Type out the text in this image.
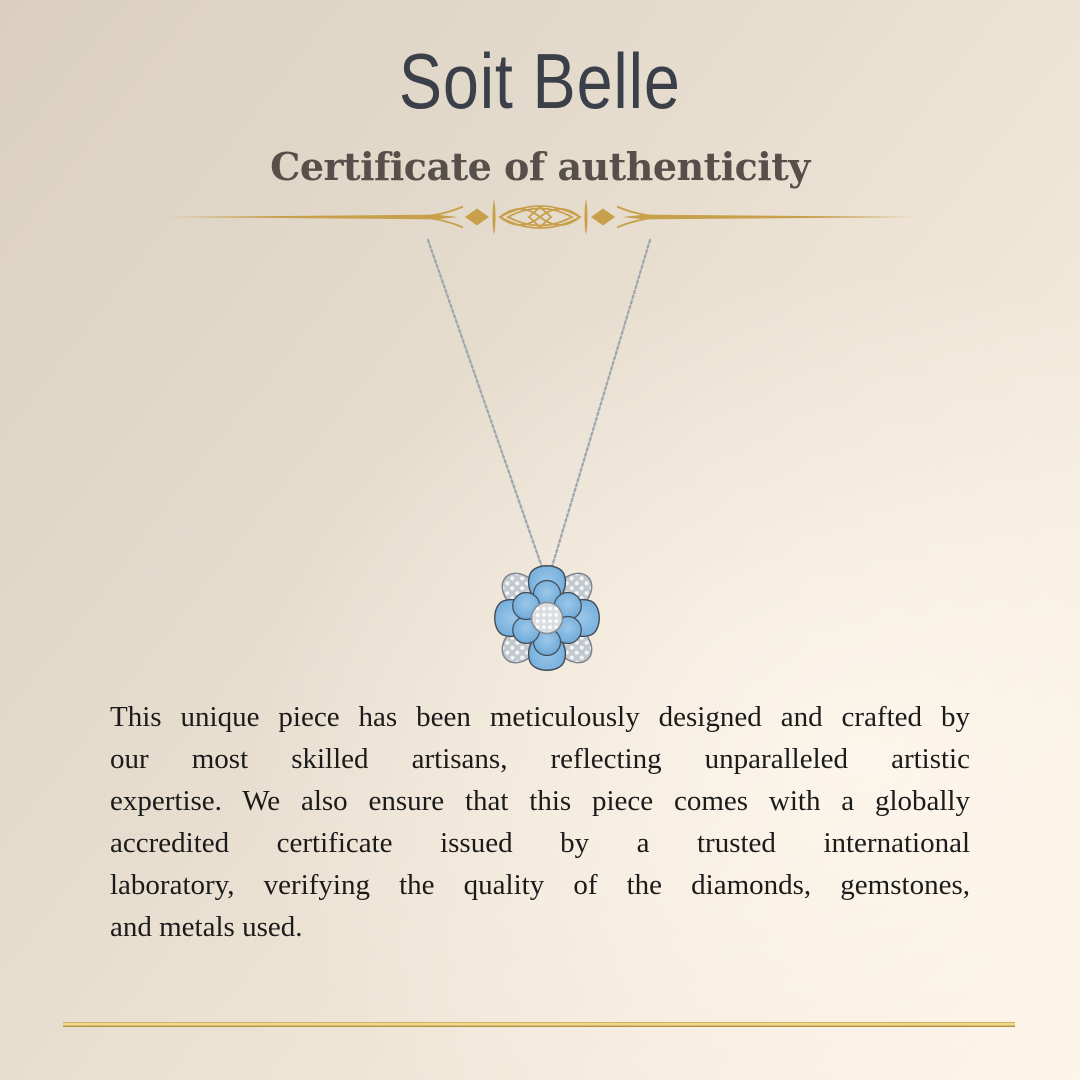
Soit Belle
Certificate of authenticity
This unique piece has been meticulously designed and crafted by
our most skilled artisans, reflecting unparalleled artistic
expertise. We also ensure that this piece comes with a globally
accredited certificate issued by a trusted international
laboratory, verifying the quality of the diamonds, gemstones,
and metals used.
